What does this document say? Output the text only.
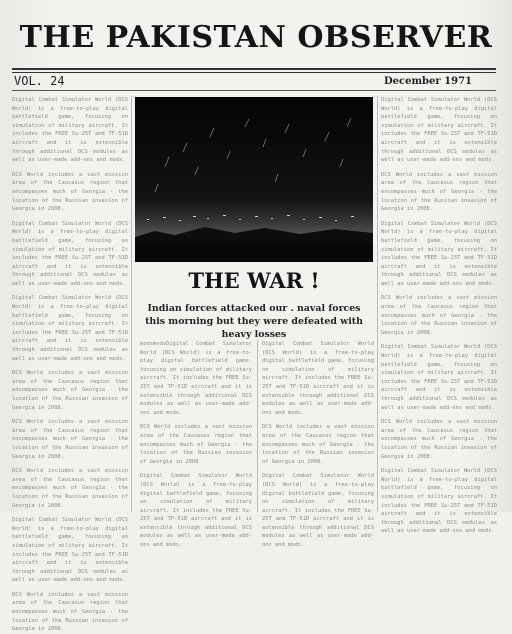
THE PAKISTAN OBSERVER
VOL. 24	December 1971

Digital Combat Simulator World (DCS World) is a free-to-play digital battlefield game, focusing on simulation of military aircraft. It includes the FREE Su-25T and TF-51D aircraft and it is extensible through additional DCS modules as well as user-made add-ons and mods.

DCS World includes a vast mission area of the Caucasus region that encompasses much of Georgia - the location of the Russian invasion of Georgia in 2008.

Digital Combat Simulator World (DCS World) is a free-to-play digital battlefield game, focusing on simulation of military aircraft. It includes the FREE Su-25T and TF-51D aircraft and it is extensible through additional DCS modules as well as user-made add-ons and mods.

Digital Combat Simulator World (DCS World) is a free-to-play digital battlefield game, focusing on simulation of military aircraft. It includes the FREE Su-25T and TF-51D aircraft and it is extensible through additional DCS modules as well as user-made add-ons and mods.

DCS World includes a vast mission area of the Caucasus region that encompasses much of Georgia - the location of the Russian invasion of Georgia in 2008.

DCS World includes a vast mission area of the Caucasus region that encompasses much of Georgia - the location of the Russian invasion of Georgia in 2008.

DCS World includes a vast mission area of the Caucasus region that encompasses much of Georgia - the location of the Russian invasion of Georgia in 2008.

Digital Combat Simulator World (DCS World) is a free-to-play digital battlefield game, focusing on simulation of military aircraft. It includes the FREE Su-25T and TF-51D aircraft and it is extensible through additional DCS modules as well as user-made add-ons and mods.

DCS World includes a vast mission area of the Caucasus region that encompasses much of Georgia - the location of the Russian invasion of Georgia in 2008.

Digital Combat Simulator World (DCS World) is a free-to-play digital battlefield game, focusing on simulation of military aircraft. It includes the FREE Su-25T and TF-51D aircraft and it is extensible through additional DCS modules as well as user-made add-ons and mods.

DCS World includes a vast mission area of the Caucasus region that encompasses much of Georgia - the location of the Russian invasion of Georgia in 2008.

Digital Combat Simulator World (DCS World) is a free-to-play digital battlefield game, focusing on simulation of military aircraft. It includes the FREE Su-25T and TF-51D aircraft and it is extensible through additional DCS modules as well as user-made add-ons and mods.

DCS World includes a vast mission area of the Caucasus region that encompasses much of Georgia - the location of the Russian invasion of Georgia in 2008.

Digital Combat Simulator World (DCS World) is a free-to-play digital battlefield game, focusing on simulation of military aircraft. It includes the FREE Su-25T and TF-51D aircraft and it is extensible through additional DCS modules as well as user-made add-ons and mods.

DCS World includes a vast mission area of the Caucasus region that encompasses much of Georgia - the location of the Russian invasion of Georgia in 2008.

Digital Combat Simulator World (DCS World) is a free-to-play digital battlefield game, focusing on simulation of military aircraft. It includes the FREE Su-25T and TF-51D aircraft and it is extensible through additional DCS modules as well as user-made add-ons and mods.

THE WAR !
Indian forces attacked our . naval forces this morning but they were defeated with heavy losses

modsmodsDigital Combat Simulator World (DCS World) is a free-to-play digital battlefield game, focusing on simulation of military aircraft. It includes the FREE Su-25T and TF-51D aircraft and it is extensible through additional DCS modules as well as user-made add-ons and mods.

DCS World includes a vast mission area of the Caucasus region that encompasses much of Georgia - the location of the Russian invasion of Georgia in 2008.

Digital Combat Simulator World (DCS World) is a free-to-play digital battlefield game, focusing on simulation of military aircraft. It includes the FREE Su-25T and TF-51D aircraft and it is extensible through additional DCS modules as well as user-made add-ons and mods.

Digital Combat Simulator World (DCS World) is a free-to-play digital battlefield game, focusing on simulation of military aircraft. It includes the FREE Su-25T and TF-51D aircraft and it is extensible through additional DCS modules as well as user-made add-ons and mods.

DCS World includes a vast mission area of the Caucasus region that encompasses much of Georgia - the location of the Russian invasion of Georgia in 2008.

Digital Combat Simulator World (DCS World) is a free-to-play digital battlefield game, focusing on simulation of military aircraft. It includes the FREE Su-25T and TF-51D aircraft and it is extensible through additional DCS modules as well as user-made add-ons and mods.
